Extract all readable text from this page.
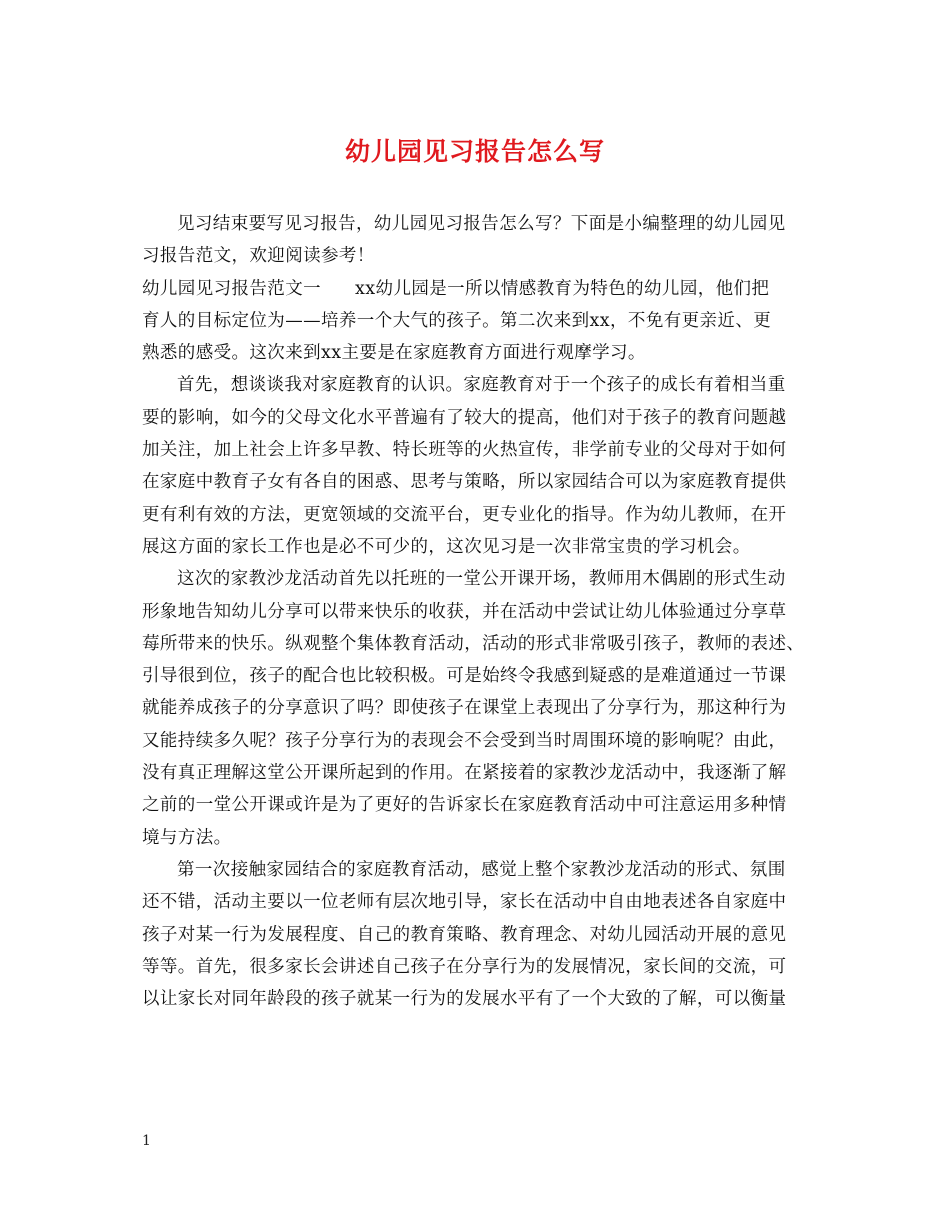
幼儿园见习报告怎么写
见习结束要写见习报告，幼儿园见习报告怎么写？下面是小编整理的幼儿园见
习报告范文，欢迎阅读参考！
幼儿园见习报告范文一 xx幼儿园是一所以情感教育为特色的幼儿园，他们把
育人的目标定位为——培养一个大气的孩子。第二次来到xx，不免有更亲近、更
熟悉的感受。这次来到xx主要是在家庭教育方面进行观摩学习。
首先，想谈谈我对家庭教育的认识。家庭教育对于一个孩子的成长有着相当重
要的影响，如今的父母文化水平普遍有了较大的提高，他们对于孩子的教育问题越
加关注，加上社会上许多早教、特长班等的火热宣传，非学前专业的父母对于如何
在家庭中教育子女有各自的困惑、思考与策略，所以家园结合可以为家庭教育提供
更有利有效的方法，更宽领域的交流平台，更专业化的指导。作为幼儿教师，在开
展这方面的家长工作也是必不可少的，这次见习是一次非常宝贵的学习机会。
这次的家教沙龙活动首先以托班的一堂公开课开场，教师用木偶剧的形式生动
形象地告知幼儿分享可以带来快乐的收获，并在活动中尝试让幼儿体验通过分享草
莓所带来的快乐。纵观整个集体教育活动，活动的形式非常吸引孩子，教师的表述、
引导很到位，孩子的配合也比较积极。可是始终令我感到疑惑的是难道通过一节课
就能养成孩子的分享意识了吗？即使孩子在课堂上表现出了分享行为，那这种行为
又能持续多久呢？孩子分享行为的表现会不会受到当时周围环境的影响呢？由此，
没有真正理解这堂公开课所起到的作用。在紧接着的家教沙龙活动中，我逐渐了解
之前的一堂公开课或许是为了更好的告诉家长在家庭教育活动中可注意运用多种情
境与方法。
第一次接触家园结合的家庭教育活动，感觉上整个家教沙龙活动的形式、氛围
还不错，活动主要以一位老师有层次地引导，家长在活动中自由地表述各自家庭中
孩子对某一行为发展程度、自己的教育策略、教育理念、对幼儿园活动开展的意见
等等。首先，很多家长会讲述自己孩子在分享行为的发展情况，家长间的交流，可
以让家长对同年龄段的孩子就某一行为的发展水平有了一个大致的了解，可以衡量
1
